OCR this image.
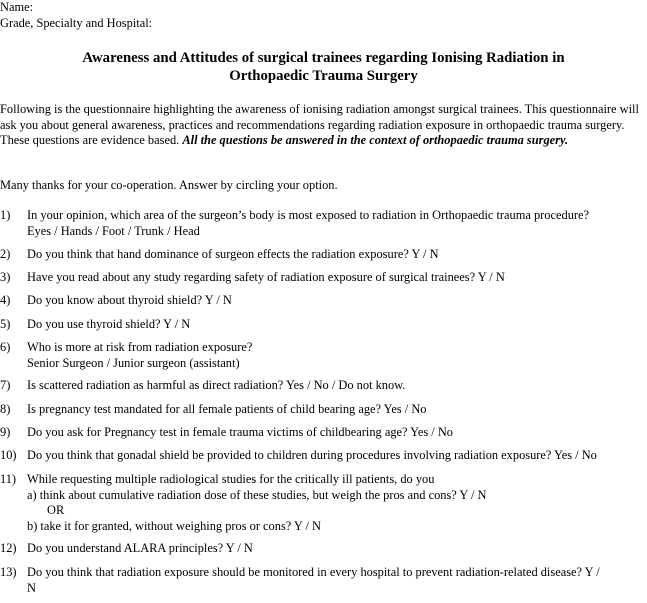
Name:
Grade, Specialty and Hospital:
Awareness and Attitudes of surgical trainees regarding Ionising Radiation in
Orthopaedic Trauma Surgery
Following is the questionnaire highlighting the awareness of ionising radiation amongst surgical trainees. This questionnaire will ask you about general awareness, practices and recommendations regarding radiation exposure in orthopaedic trauma surgery. These questions are evidence based. All the questions be answered in the context of orthopaedic trauma surgery.
Many thanks for your co-operation. Answer by circling your option.
1) In your opinion, which area of the surgeon’s body is most exposed to radiation in Orthopaedic trauma procedure?
Eyes / Hands / Foot / Trunk / Head
2) Do you think that hand dominance of surgeon effects the radiation exposure? Y / N
3) Have you read about any study regarding safety of radiation exposure of surgical trainees? Y / N
4) Do you know about thyroid shield? Y / N
5) Do you use thyroid shield? Y / N
6) Who is more at risk from radiation exposure?
Senior Surgeon / Junior surgeon (assistant)
7) Is scattered radiation as harmful as direct radiation? Yes / No / Do not know.
8) Is pregnancy test mandated for all female patients of child bearing age? Yes / No
9) Do you ask for Pregnancy test in female trauma victims of childbearing age? Yes / No
10) Do you think that gonadal shield be provided to children during procedures involving radiation exposure? Yes / No
11) While requesting multiple radiological studies for the critically ill patients, do you
a) think about cumulative radiation dose of these studies, but weigh the pros and cons? Y / N
OR
b) take it for granted, without weighing pros or cons? Y / N
12) Do you understand ALARA principles? Y / N
13) Do you think that radiation exposure should be monitored in every hospital to prevent radiation-related disease? Y /
N
